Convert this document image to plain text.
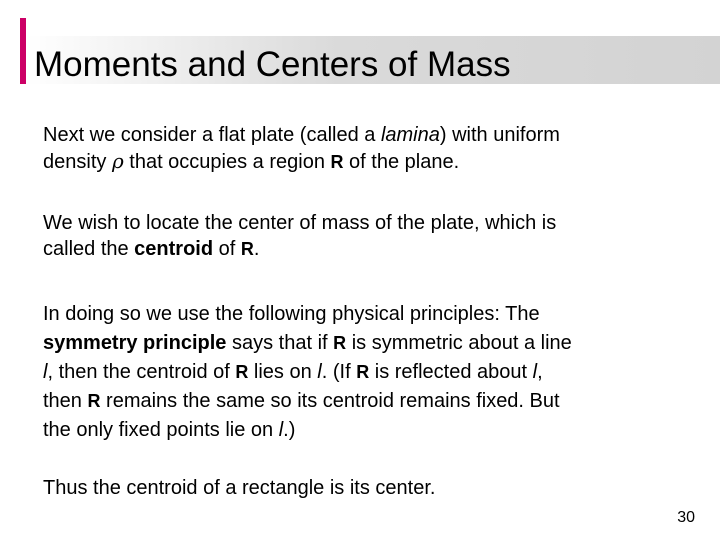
Moments and Centers of Mass

Next we consider a flat plate (called a lamina) with uniform
density ρ that occupies a region R of the plane.

We wish to locate the center of mass of the plate, which is
called the centroid of R.

In doing so we use the following physical principles: The
symmetry principle says that if R is symmetric about a line
l, then the centroid of R lies on l. (If R is reflected about l,
then R remains the same so its centroid remains fixed. But
the only fixed points lie on l.)

Thus the centroid of a rectangle is its center.

30
